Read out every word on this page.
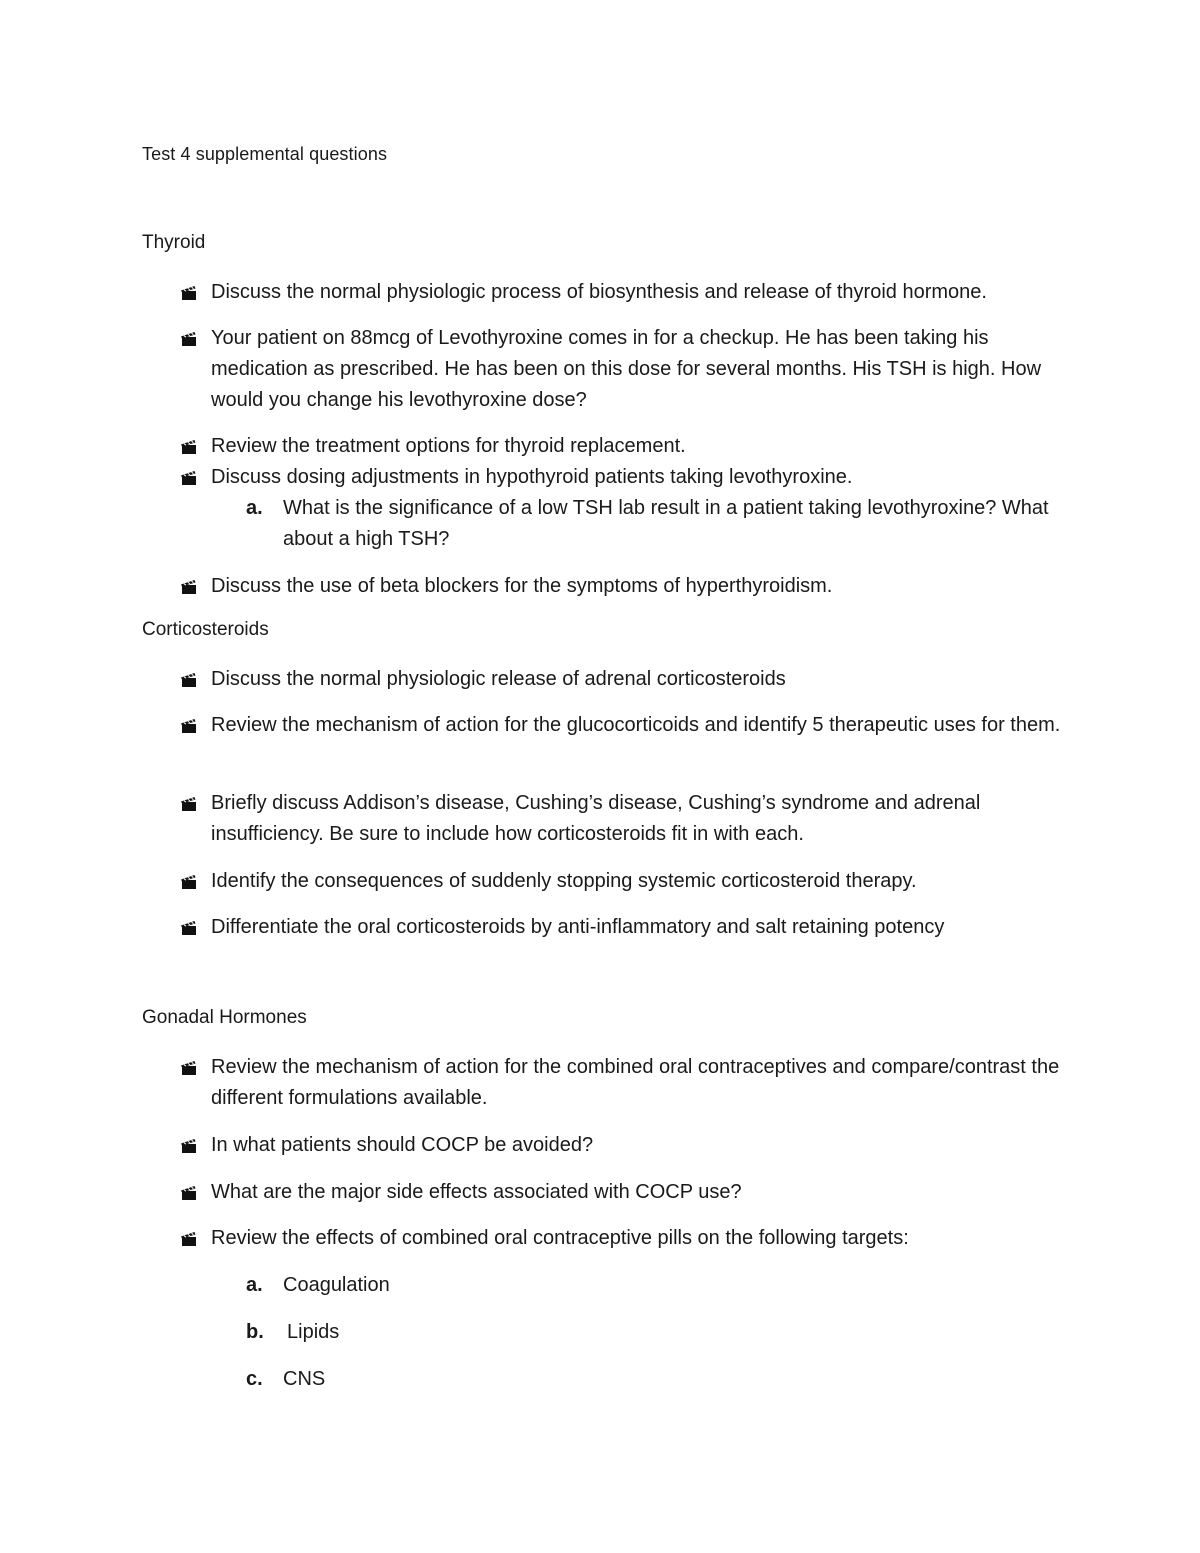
Test 4 supplemental questions
Thyroid
Discuss the normal physiologic process of biosynthesis and release of thyroid hormone.
Your patient on 88mcg of Levothyroxine comes in for a checkup. He has been taking his medication as prescribed. He has been on this dose for several months. His TSH is high. How would you change his levothyroxine dose?
Review the treatment options for thyroid replacement.
Discuss dosing adjustments in hypothyroid patients taking levothyroxine.
a. What is the significance of a low TSH lab result in a patient taking levothyroxine? What about a high TSH?
Discuss the use of beta blockers for the symptoms of hyperthyroidism.
Corticosteroids
Discuss the normal physiologic release of adrenal corticosteroids
Review the mechanism of action for the glucocorticoids and identify 5 therapeutic uses for them.
Briefly discuss Addison’s disease, Cushing’s disease, Cushing’s syndrome and adrenal insufficiency. Be sure to include how corticosteroids fit in with each.
Identify the consequences of suddenly stopping systemic corticosteroid therapy.
Differentiate the oral corticosteroids by anti-inflammatory and salt retaining potency
Gonadal Hormones
Review the mechanism of action for the combined oral contraceptives and compare/contrast the different formulations available.
In what patients should COCP be avoided?
What are the major side effects associated with COCP use?
Review the effects of combined oral contraceptive pills on the following targets:
a. Coagulation
b. Lipids
c. CNS
